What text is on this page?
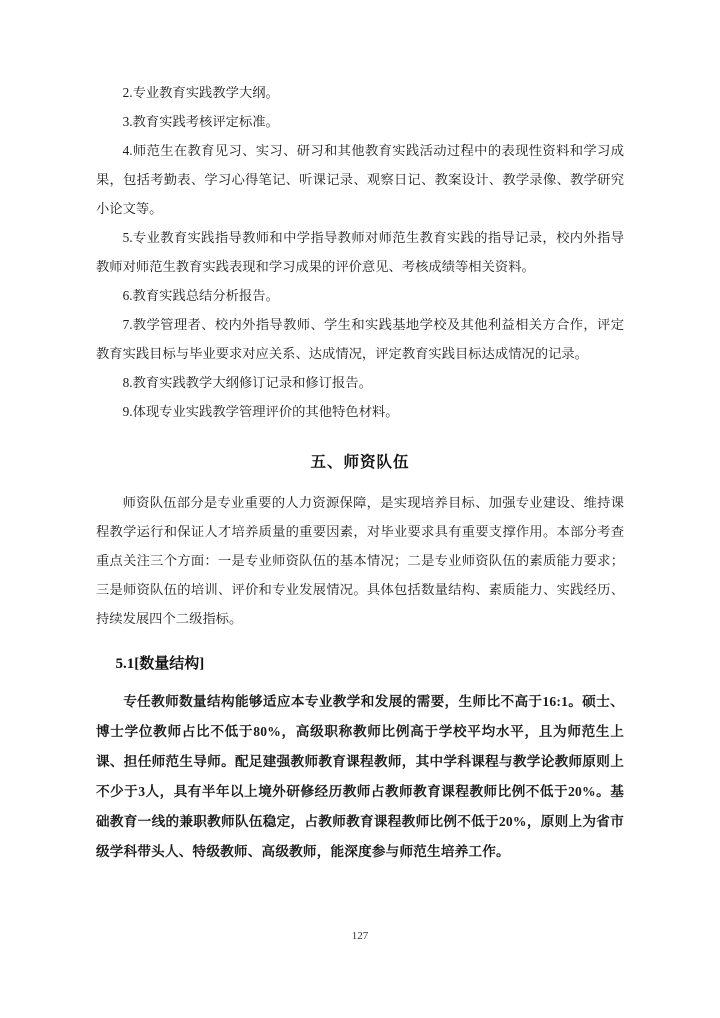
2.专业教育实践教学大纲。

3.教育实践考核评定标准。

4.师范生在教育见习、实习、研习和其他教育实践活动过程中的表现性资料和学习成果，包括考勤表、学习心得笔记、听课记录、观察日记、教案设计、教学录像、教学研究小论文等。

5.专业教育实践指导教师和中学指导教师对师范生教育实践的指导记录，校内外指导教师对师范生教育实践表现和学习成果的评价意见、考核成绩等相关资料。

6.教育实践总结分析报告。

7.教学管理者、校内外指导教师、学生和实践基地学校及其他利益相关方合作，评定教育实践目标与毕业要求对应关系、达成情况，评定教育实践目标达成情况的记录。

8.教育实践教学大纲修订记录和修订报告。

9.体现专业实践教学管理评价的其他特色材料。

五、师资队伍

师资队伍部分是专业重要的人力资源保障，是实现培养目标、加强专业建设、维持课程教学运行和保证人才培养质量的重要因素，对毕业要求具有重要支撑作用。本部分考查重点关注三个方面：一是专业师资队伍的基本情况；二是专业师资队伍的素质能力要求；三是师资队伍的培训、评价和专业发展情况。具体包括数量结构、素质能力、实践经历、持续发展四个二级指标。

5.1[数量结构]

专任教师数量结构能够适应本专业教学和发展的需要，生师比不高于16:1。硕士、博士学位教师占比不低于80%，高级职称教师比例高于学校平均水平，且为师范生上课、担任师范生导师。配足建强教师教育课程教师，其中学科课程与教学论教师原则上不少于3人，具有半年以上境外研修经历教师占教师教育课程教师比例不低于20%。基础教育一线的兼职教师队伍稳定，占教师教育课程教师比例不低于20%，原则上为省市级学科带头人、特级教师、高级教师，能深度参与师范生培养工作。

127
